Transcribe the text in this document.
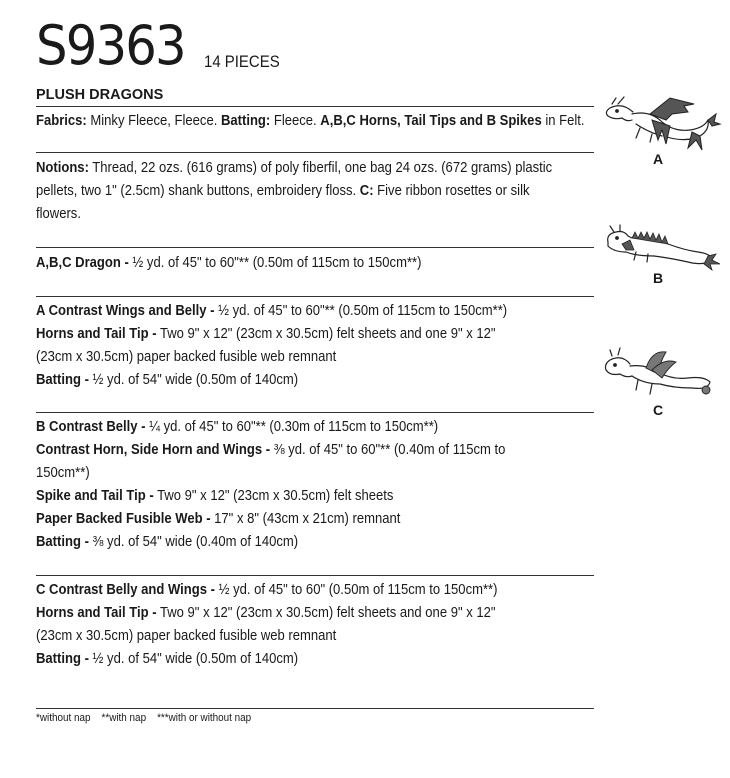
S9363	14 PIECES
PLUSH DRAGONS

Fabrics: Minky Fleece, Fleece. Batting: Fleece. A,B,C Horns, Tail Tips and B Spikes in Felt.

Notions: Thread, 22 ozs. (616 grams) of poly fiberfil, one bag 24 ozs. (672 grams) plastic

pellets, two 1" (2.5cm) shank buttons, embroidery floss. C: Five ribbon rosettes or silk

flowers.

A,B,C Dragon - ½ yd. of 45" to 60"** (0.50m of 115cm to 150cm**)

A Contrast Wings and Belly - ½ yd. of 45" to 60"** (0.50m of 115cm to 150cm**)

Horns and Tail Tip - Two 9" x 12" (23cm x 30.5cm) felt sheets and one 9" x 12"

(23cm x 30.5cm) paper backed fusible web remnant

Batting - ½ yd. of 54" wide (0.50m of 140cm)

B Contrast Belly - ¼ yd. of 45" to 60"** (0.30m of 115cm to 150cm**)

Contrast Horn, Side Horn and Wings - ⅜ yd. of 45" to 60"** (0.40m of 115cm to

150cm**)

Spike and Tail Tip - Two 9" x 12" (23cm x 30.5cm) felt sheets

Paper Backed Fusible Web - 17" x 8" (43cm x 21cm) remnant

Batting - ⅜ yd. of 54" wide (0.40m of 140cm)

C Contrast Belly and Wings - ½ yd. of 45" to 60" (0.50m of 115cm to 150cm**)

Horns and Tail Tip - Two 9" x 12" (23cm x 30.5cm) felt sheets and one 9" x 12"

(23cm x 30.5cm) paper backed fusible web remnant

Batting - ½ yd. of 54" wide (0.50m of 140cm)

*without nap    **with nap    ***with or without nap
A
B
C
